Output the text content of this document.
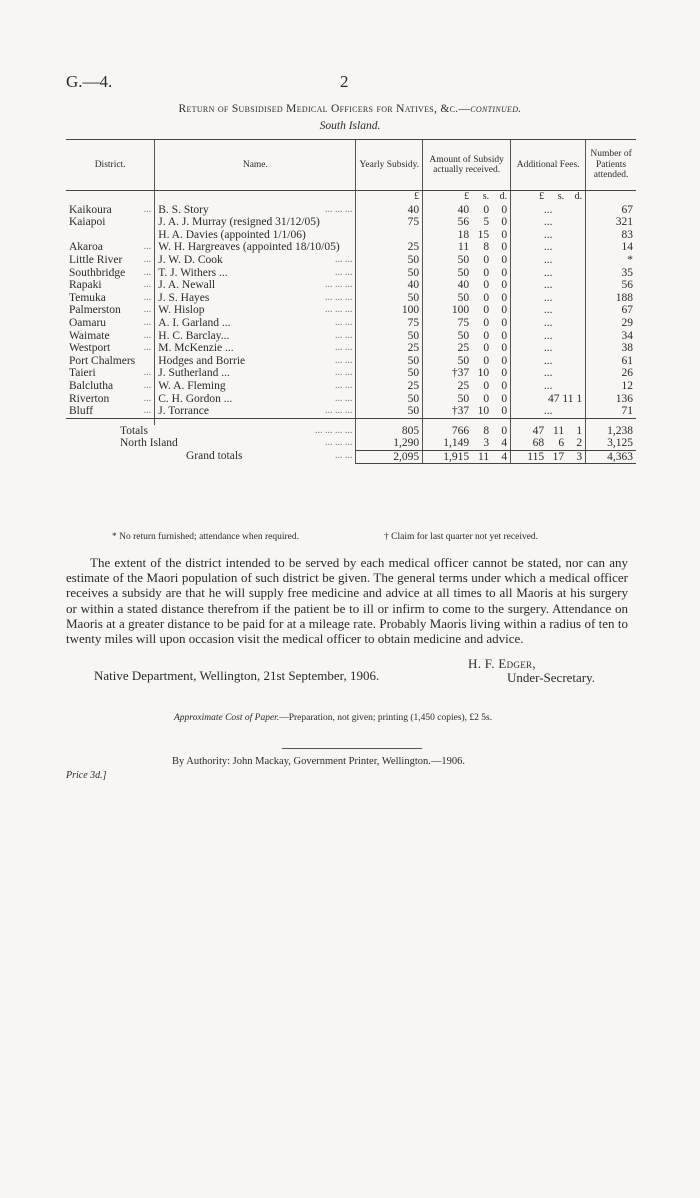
G.—4.	2
Return of Subsidised Medical Officers for Natives, &c.—continued.
South Island.
District.	Name.	Yearly Subsidy.	Amount of Subsidy actually received.	Additional Fees.	Number of Patients attended.
		£	£ s. d.	£ s. d.	

Kaikoura ...	B. S. Story ... ... ...	40	40 0 0	...	67

Kaiapoi	J. A. J. Murray (resigned 31/12/05)	75	56 5 0	...	321

	H. A. Davies (appointed 1/1/06)		18 15 0	...	83

Akaroa ...	W. H. Hargreaves (appointed 18/10/05)	25	11 8 0	...	14

Little River ...	J. W. D. Cook ... ...	50	50 0 0	...	*

Southbridge ...	T. J. Withers ... ... ...	50	50 0 0	...	35

Rapaki ...	J. A. Newall ... ... ...	40	40 0 0	...	56

Temuka ...	J. S. Hayes ... ... ...	50	50 0 0	...	188

Palmerston ...	W. Hislop ... ... ...	100	100 0 0	...	67

Oamaru ...	A. I. Garland ... ... ...	75	75 0 0	...	29

Waimate ...	H. C. Barclay... ... ...	50	50 0 0	...	34

Westport ...	M. McKenzie ... ... ...	25	25 0 0	...	38

Port Chalmers	Hodges and Borrie ... ...	50	50 0 0	...	61

Taieri ...	J. Sutherland ... ... ...	50	†37 10 0	...	26

Balclutha ...	W. A. Fleming ... ...	25	25 0 0	...	12

Riverton ...	C. H. Gordon ... ... ...	50	50 0 0	47 11 1	136

Bluff ...	J. Torrance ... ... ...	50	†37 10 0	...	71

Totals ... ... ... ...		805	766 8 0	47 11 1	1,238

North Island ... ... ...		1,290	1,149 3 4	68 6 2	3,125

Grand totals ... ...		2,095	1,915 11 4	115 17 3	4,363
* No return furnished; attendance when required.	† Claim for last quarter not yet received.
The extent of the district intended to be served by each medical officer cannot be stated, nor can any estimate of the Maori population of such district be given. The general terms under which a medical officer receives a subsidy are that he will supply free medicine and advice at all times to all Maoris at his surgery or within a stated distance therefrom if the patient be to ill or infirm to come to the surgery. Attendance on Maoris at a greater distance to be paid for at a mileage rate. Probably Maoris living within a radius of ten to twenty miles will upon occasion visit the medical officer to obtain medicine and advice.
Native Department, Wellington, 21st September, 1906.
H. F. Edger,
Under-Secretary.
Approximate Cost of Paper.—Preparation, not given; printing (1,450 copies), £2 5s.
By Authority: John Mackay, Government Printer, Wellington.—1906.
Price 3d.]
